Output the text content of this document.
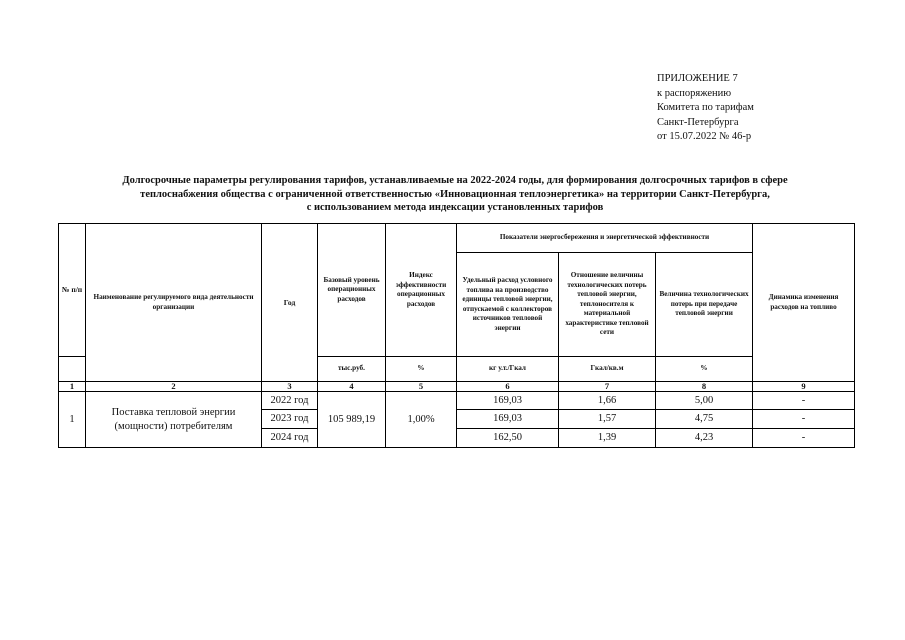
ПРИЛОЖЕНИЕ 7
к распоряжению
Комитета по тарифам
Санкт-Петербурга
от 15.07.2022 № 46-р
Долгосрочные параметры регулирования тарифов, устанавливаемые на 2022-2024 годы, для формирования долгосрочных тарифов в сфере
теплоснабжения общества с ограниченной ответственностью «Инновационная теплоэнергетика» на территории Санкт-Петербурга,
с использованием метода индексации установленных тарифов
№ п/п	Наименование регулируемого вида деятельности организации	Год	Базовый уровень операционных расходов	Индекс эффективности операционных расходов	Показатели энергосбережения и энергетической эффективности			Динамика изменения расходов на топливо
					Удельный расход условного топлива на производство единицы тепловой энергии, отпускаемой с коллекторов источников тепловой энергии	Отношение величины технологических потерь тепловой энергии, теплоносителя к материальной характеристике тепловой сети	Величина технологических потерь при передаче тепловой энергии	
			тыс.руб.	%	кг у.т./Гкал	Гкал/кв.м	%	
1	2	3	4	5	6	7	8	9
1	Поставка тепловой энергии (мощности) потребителям	2022 год	105 989,19	1,00%	169,03	1,66	5,00	-
		2023 год			169,03	1,57	4,75	-
		2024 год			162,50	1,39	4,23	-
